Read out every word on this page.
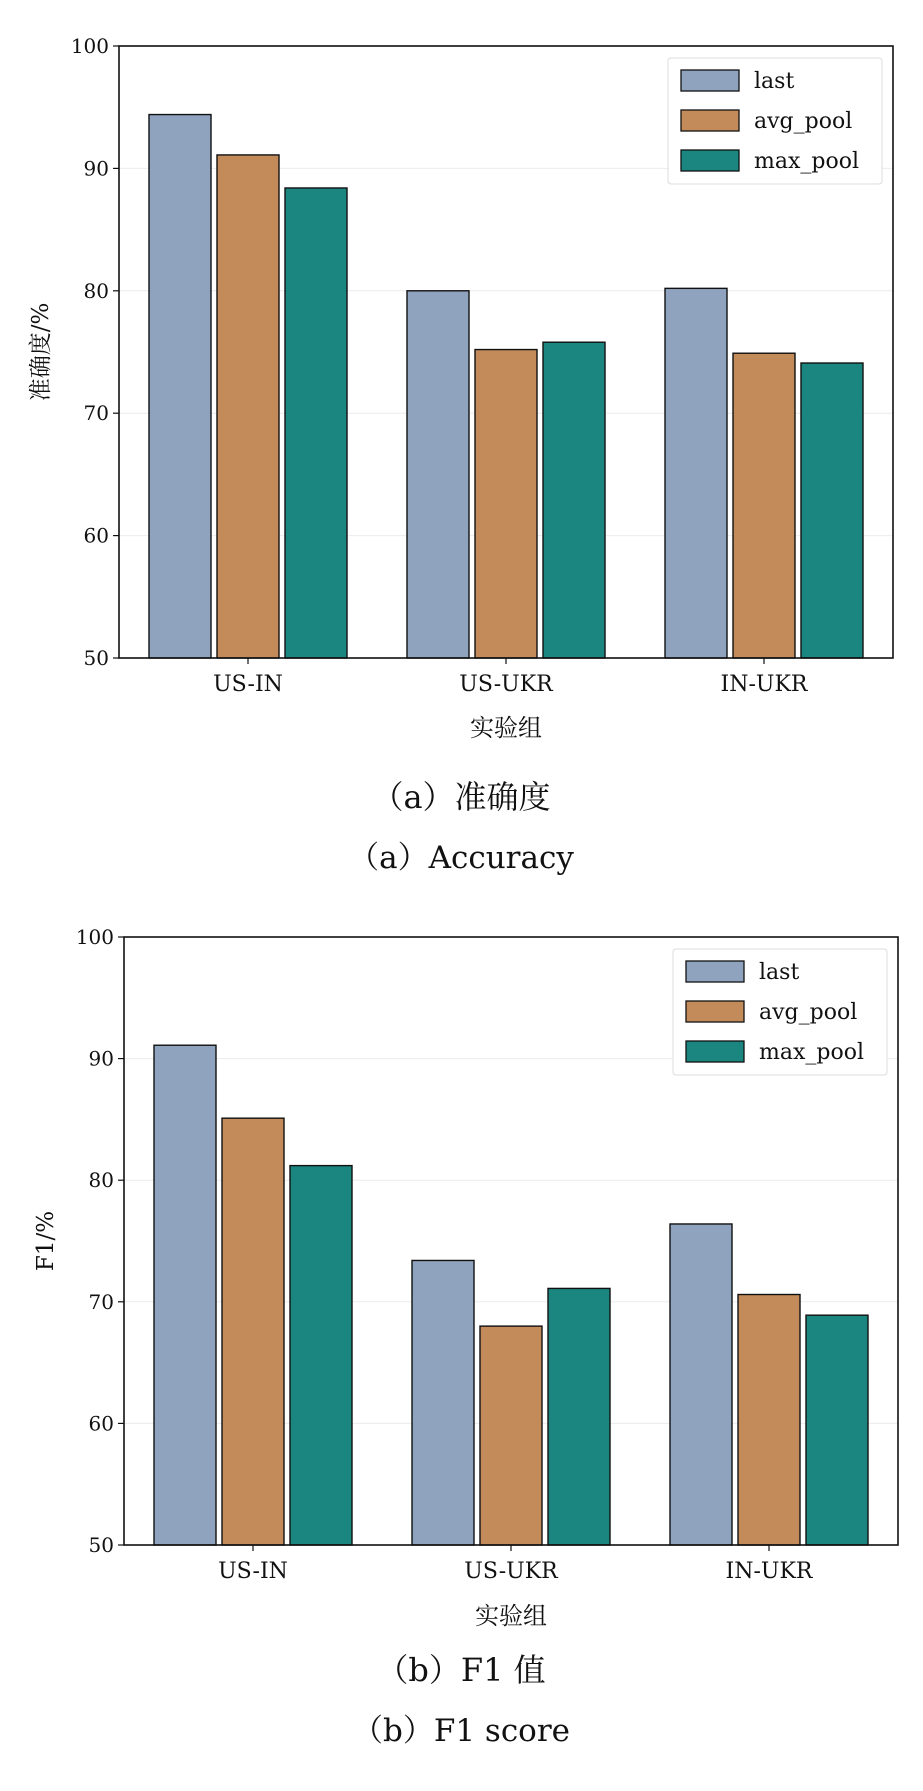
50
60
70
80
90
100
US-IN	US-UKR	IN-UKR
last
avg_pool
max_pool
实验组
准确度/%
（a）准确度
（a）Accuracy
50
60
70
80
90
100
US-IN	US-UKR	IN-UKR
last
avg_pool
max_pool
实验组
F1/%
（b）F1 值
（b）F1 score
